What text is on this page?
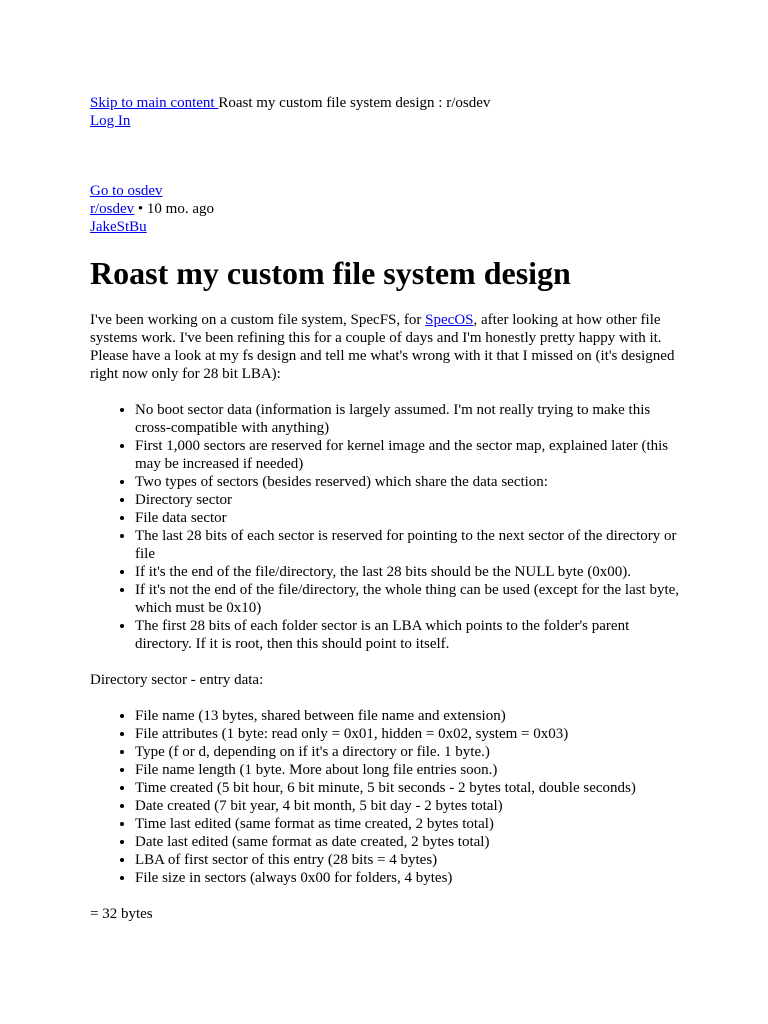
Skip to main content Roast my custom file system design : r/osdev
Log In
Go to osdev
r/osdev • 10 mo. ago
JakeStBu
Roast my custom file system design

I've been working on a custom file system, SpecFS, for SpecOS, after looking at how other file systems work. I've been refining this for a couple of days and I'm honestly pretty happy with it. Please have a look at my fs design and tell me what's wrong with it that I missed on (it's designed right now only for 28 bit LBA):

• No boot sector data (information is largely assumed. I'm not really trying to make this cross-compatible with anything)
• First 1,000 sectors are reserved for kernel image and the sector map, explained later (this may be increased if needed)
• Two types of sectors (besides reserved) which share the data section:
• Directory sector
• File data sector
• The last 28 bits of each sector is reserved for pointing to the next sector of the directory or file
• If it's the end of the file/directory, the last 28 bits should be the NULL byte (0x00).
• If it's not the end of the file/directory, the whole thing can be used (except for the last byte, which must be 0x10)
• The first 28 bits of each folder sector is an LBA which points to the folder's parent directory. If it is root, then this should point to itself.

Directory sector - entry data:

• File name (13 bytes, shared between file name and extension)
• File attributes (1 byte: read only = 0x01, hidden = 0x02, system = 0x03)
• Type (f or d, depending on if it's a directory or file. 1 byte.)
• File name length (1 byte. More about long file entries soon.)
• Time created (5 bit hour, 6 bit minute, 5 bit seconds - 2 bytes total, double seconds)
• Date created (7 bit year, 4 bit month, 5 bit day - 2 bytes total)
• Time last edited (same format as time created, 2 bytes total)
• Date last edited (same format as date created, 2 bytes total)
• LBA of first sector of this entry (28 bits = 4 bytes)
• File size in sectors (always 0x00 for folders, 4 bytes)

= 32 bytes
